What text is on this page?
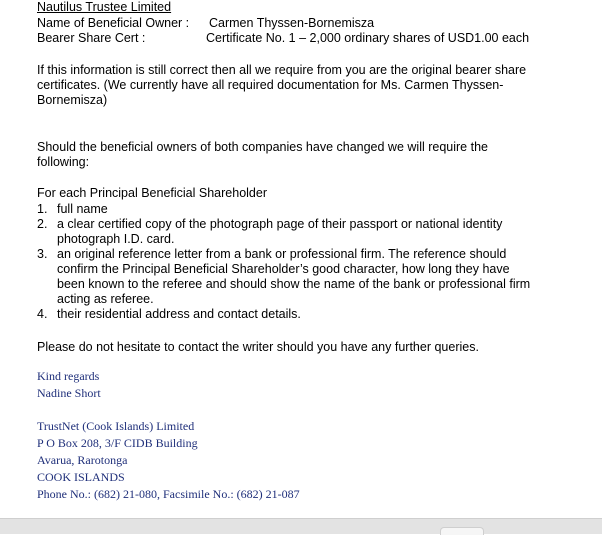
Nautilus Trustee Limited
Name of Beneficial Owner : Carmen Thyssen-Bornemisza
Bearer Share Cert :	Certificate No. 1 – 2,000 ordinary shares of USD1.00 each
If this information is still correct then all we require from you are the original bearer share
certificates. (We currently have all required documentation for Ms. Carmen Thyssen-
Bornemisza)
Should the beneficial owners of both companies have changed we will require the
following:
For each Principal Beneficial Shareholder
1. full name
2. a clear certified copy of the photograph page of their passport or national identity
photograph I.D. card.
3. an original reference letter from a bank or professional firm. The reference should
confirm the Principal Beneficial Shareholder’s good character, how long they have
been known to the referee and should show the name of the bank or professional firm
acting as referee.
4. their residential address and contact details.
Please do not hesitate to contact the writer should you have any further queries.
Kind regards
Nadine Short
TrustNet (Cook Islands) Limited
P O Box 208, 3/F CIDB Building
Avarua, Rarotonga
COOK ISLANDS
Phone No.: (682) 21-080, Facsimile No.: (682) 21-087
